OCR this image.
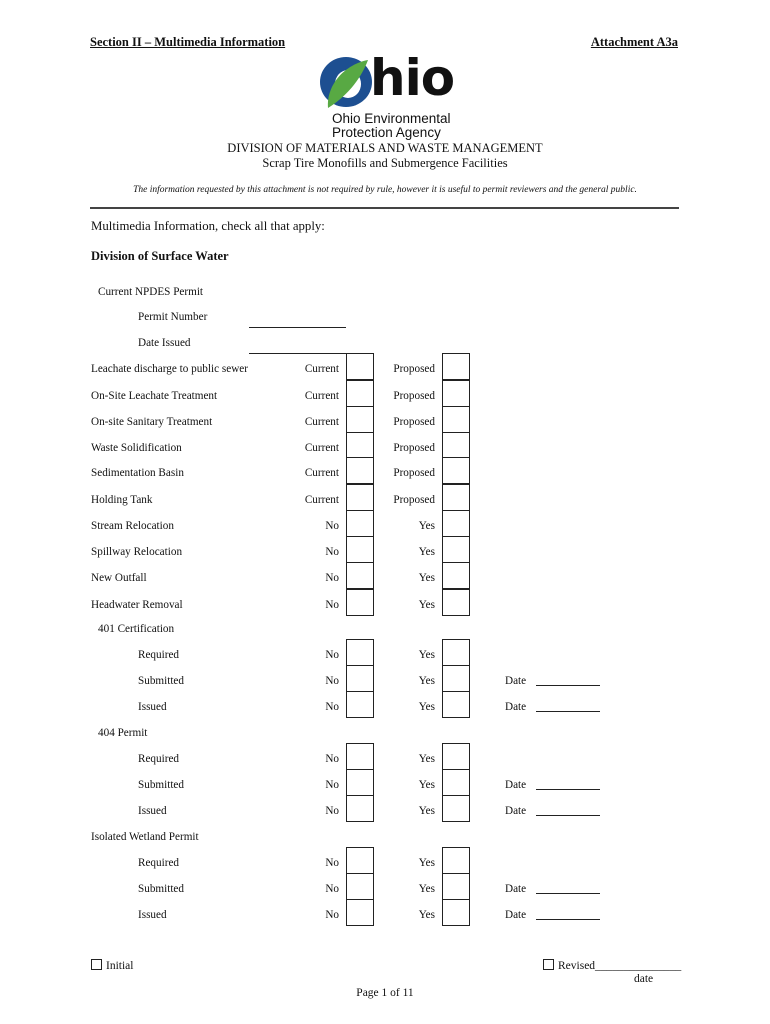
Section II – Multimedia Information	Attachment A3a
hio
Ohio Environmental
Protection Agency
DIVISION OF MATERIALS AND WASTE MANAGEMENT
Scrap Tire Monofills and Submergence Facilities
The information requested by this attachment is not required by rule, however it is useful to permit reviewers and the general public.
Multimedia Information, check all that apply:
Division of Surface Water
Current NPDES Permit
Permit Number
Date Issued
Leachate discharge to public sewer	Current	Proposed
On-Site Leachate Treatment	Current	Proposed
On-site Sanitary Treatment	Current	Proposed
Waste Solidification	Current	Proposed
Sedimentation Basin	Current	Proposed
Holding Tank	Current	Proposed
Stream Relocation	No	Yes
Spillway Relocation	No	Yes
New Outfall	No	Yes
Headwater Removal	No	Yes
401 Certification
Required	No	Yes
Submitted	No	Yes	Date
Issued	No	Yes	Date
404 Permit
Required	No	Yes
Submitted	No	Yes	Date
Issued	No	Yes	Date
Isolated Wetland Permit
Required	No	Yes
Submitted	No	Yes	Date
Issued	No	Yes	Date
Initial	Revised_______________
date
Page 1 of 11
